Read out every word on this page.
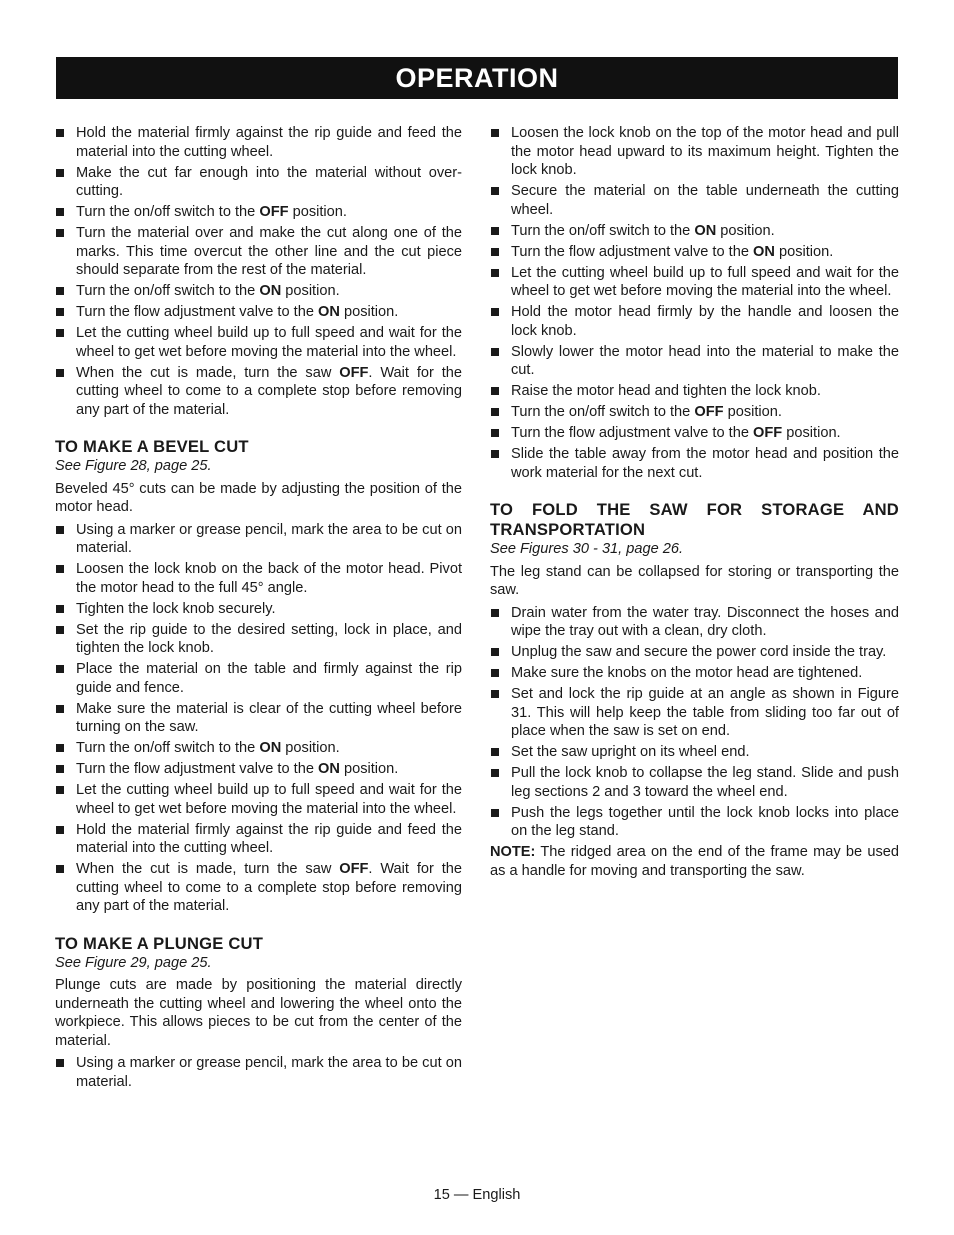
OPERATION
Hold the material firmly against the rip guide and feed the material into the cutting wheel.
Make the cut far enough into the material without over-cutting.
Turn the on/off switch to the OFF position.
Turn the material over and make the cut along one of the marks. This time overcut the other line and the cut piece should separate from the rest of the material.
Turn the on/off switch to the ON position.
Turn the flow adjustment valve to the ON position.
Let the cutting wheel build up to full speed and wait for the wheel to get wet before moving the material into the wheel.
When the cut is made, turn the saw OFF. Wait for the cutting wheel to come to a complete stop before removing any part of the material.
TO MAKE A BEVEL CUT
See Figure 28, page 25.

Beveled 45° cuts can be made by adjusting the position of the motor head.

Using a marker or grease pencil, mark the area to be cut on material.
Loosen the lock knob on the back of the motor head. Pivot the motor head to the full 45° angle.
Tighten the lock knob securely.
Set the rip guide to the desired setting, lock in place, and tighten the lock knob.
Place the material on the table and firmly against the rip guide and fence.
Make sure the material is clear of the cutting wheel before turning on the saw.
Turn the on/off switch to the ON position.
Turn the flow adjustment valve to the ON position.
Let the cutting wheel build up to full speed and wait for the wheel to get wet before moving the material into the wheel.
Hold the material firmly against the rip guide and feed the material into the cutting wheel.
When the cut is made, turn the saw OFF. Wait for the cutting wheel to come to a complete stop before removing any part of the material.
TO MAKE A PLUNGE CUT
See Figure 29, page 25.

Plunge cuts are made by positioning the material directly underneath the cutting wheel and lowering the wheel onto the workpiece. This allows pieces to be cut from the center of the material.

Using a marker or grease pencil, mark the area to be cut on material.
Loosen the lock knob on the top of the motor head and pull the motor head upward to its maximum height. Tighten the lock knob.
Secure the material on the table underneath the cutting wheel.
Turn the on/off switch to the ON position.
Turn the flow adjustment valve to the ON position.
Let the cutting wheel build up to full speed and wait for the wheel to get wet before moving the material into the wheel.
Hold the motor head firmly by the handle and loosen the lock knob.
Slowly lower the motor head into the material to make the cut.
Raise the motor head and tighten the lock knob.
Turn the on/off switch to the OFF position.
Turn the flow adjustment valve to the OFF position.
Slide the table away from the motor head and position the work material for the next cut.
TO FOLD THE SAW FOR STORAGE AND TRANSPORTATION
See Figures 30 - 31, page 26.

The leg stand can be collapsed for storing or transporting the saw.

Drain water from the water tray. Disconnect the hoses and wipe the tray out with a clean, dry cloth.
Unplug the saw and secure the power cord inside the tray.
Make sure the knobs on the motor head are tightened.
Set and lock the rip guide at an angle as shown in Figure 31. This will help keep the table from sliding too far out of place when the saw is set on end.
Set the saw upright on its wheel end.
Pull the lock knob to collapse the leg stand. Slide and push leg sections 2 and 3 toward the wheel end.
Push the legs together until the lock knob locks into place on the leg stand.

NOTE: The ridged area on the end of the frame may be used as a handle for moving and transporting the saw.

15 — English
